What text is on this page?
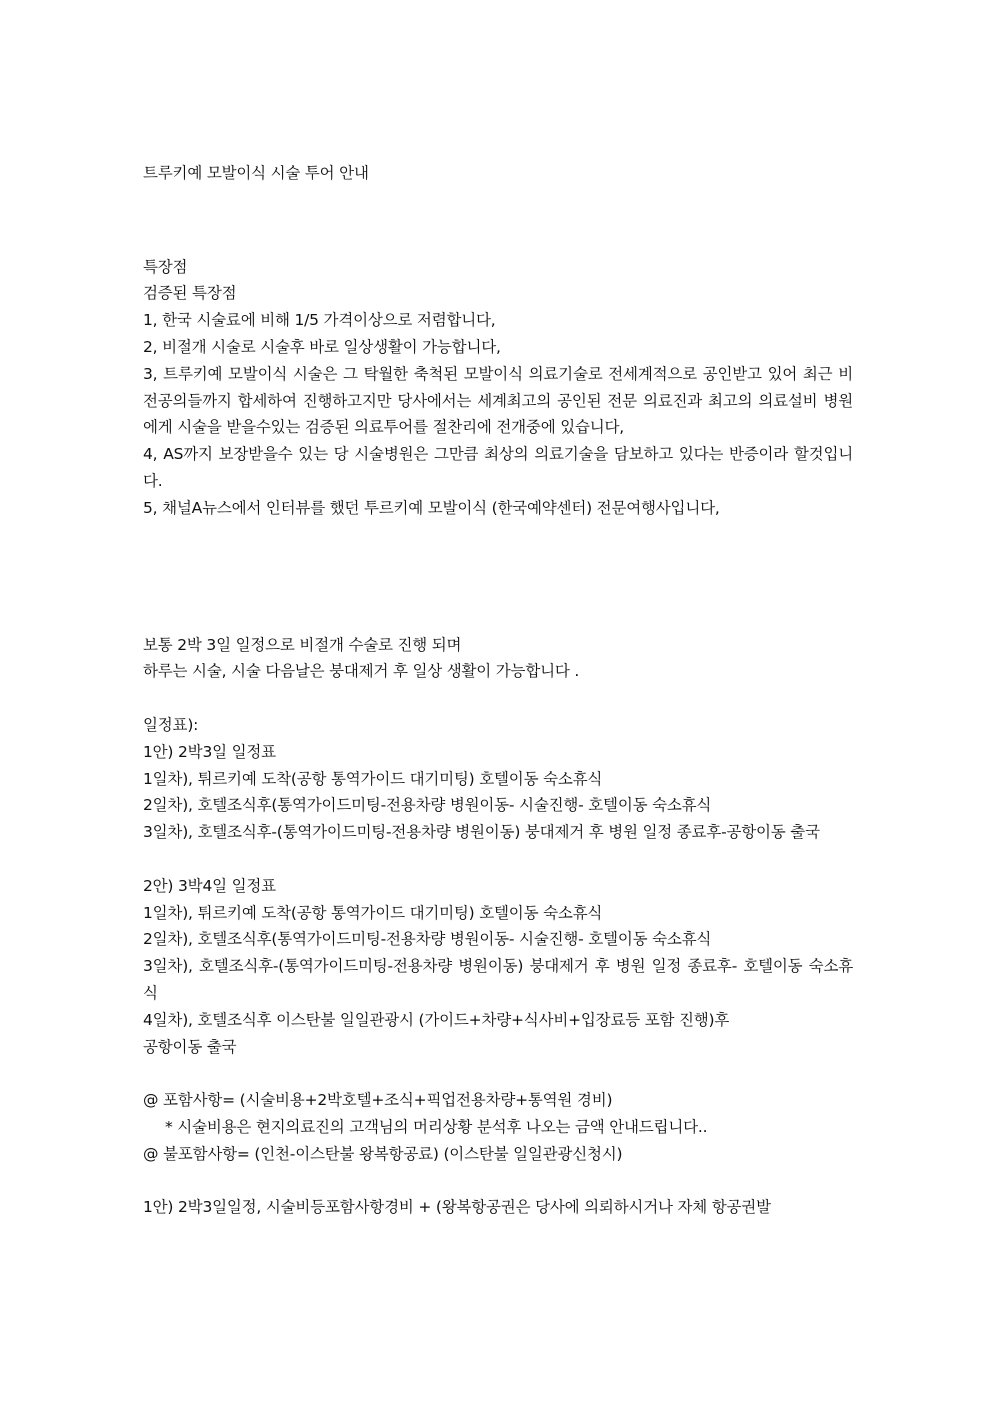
트루키예 모발이식 시술 투어 안내

특장점

검증된 특장점

1, 한국 시술료에 비해 1/5 가격이상으로 저렴합니다,

2, 비절개 시술로 시술후 바로 일상생활이 가능합니다,

3, 트루키예 모발이식 시술은 그 탁월한 축척된 모발이식 의료기술로 전세계적으로 공인받고 있어 최근 비전공의들까지 합세하여 진행하고지만 당사에서는 세계최고의 공인된 전문 의료진과 최고의 의료설비 병원에게 시술을 받을수있는 검증된 의료투어를 절찬리에 전개중에 있습니다,

4, AS까지 보장받을수 있는 당 시술병원은 그만큼 최상의 의료기술을 담보하고 있다는 반증이라 할것입니다.

5, 채널A뉴스에서 인터뷰를 했던 투르키예 모발이식 (한국예약센터) 전문여행사입니다,

보통 2박 3일 일정으로 비절개 수술로 진행 되며

하루는 시술, 시술 다음날은 붕대제거 후 일상 생활이 가능합니다 .

일정표):

1안) 2박3일 일정표

1일차), 튀르키예 도착(공항 통역가이드 대기미팅) 호텔이동 숙소휴식

2일차), 호텔조식후(통역가이드미팅-전용차량 병원이동- 시술진행- 호텔이동 숙소휴식

3일차), 호텔조식후-(통역가이드미팅-전용차량 병원이동) 붕대제거 후 병원 일정 종료후-공항이동 출국

2안) 3박4일 일정표

1일차), 튀르키예 도착(공항 통역가이드 대기미팅) 호텔이동 숙소휴식

2일차), 호텔조식후(통역가이드미팅-전용차량 병원이동- 시술진행- 호텔이동 숙소휴식

3일차), 호텔조식후-(통역가이드미팅-전용차량 병원이동) 붕대제거 후 병원 일정 종료후- 호텔이동 숙소휴식

4일차), 호텔조식후 이스탄불 일일관광시 (가이드+차량+식사비+입장료등 포함 진행)후

공항이동 출국

@ 포함사항= (시술비용+2박호텔+조식+픽업전용차량+통역원 경비)

* 시술비용은 현지의료진의 고객님의 머리상황 분석후 나오는 금액 안내드립니다..

@ 불포함사항= (인천-이스탄불 왕복항공료) (이스탄불 일일관광신청시)

1안) 2박3일일정, 시술비등포함사항경비 + (왕복항공권은 당사에 의뢰하시거나 자체 항공권발
